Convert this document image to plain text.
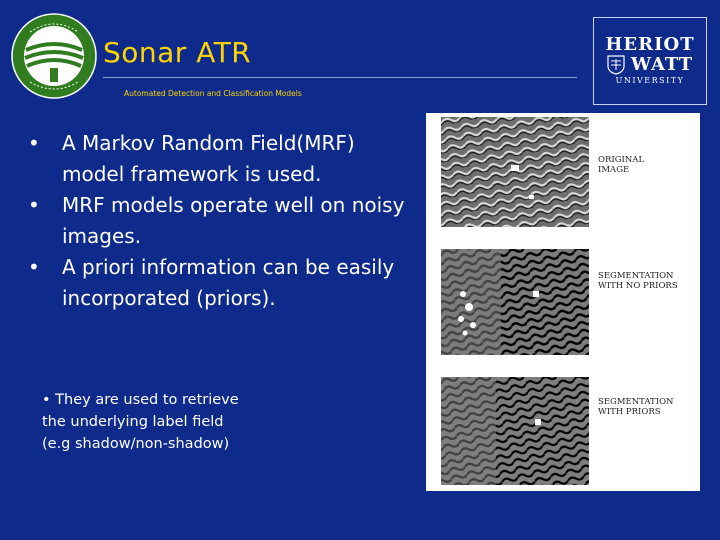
Sonar ATR
Automated Detection and Classification Models
HERIOT
WATT
UNIVERSITY
• A Markov Random Field(MRF) model framework is used.
• MRF models operate well on noisy images.
• A priori information can be easily incorporated (priors).
• They are used to retrieve the underlying label field (e.g shadow/non-shadow)
ORIGINAL
IMAGE
SEGMENTATION
WITH NO PRIORS
SEGMENTATION
WITH PRIORS
